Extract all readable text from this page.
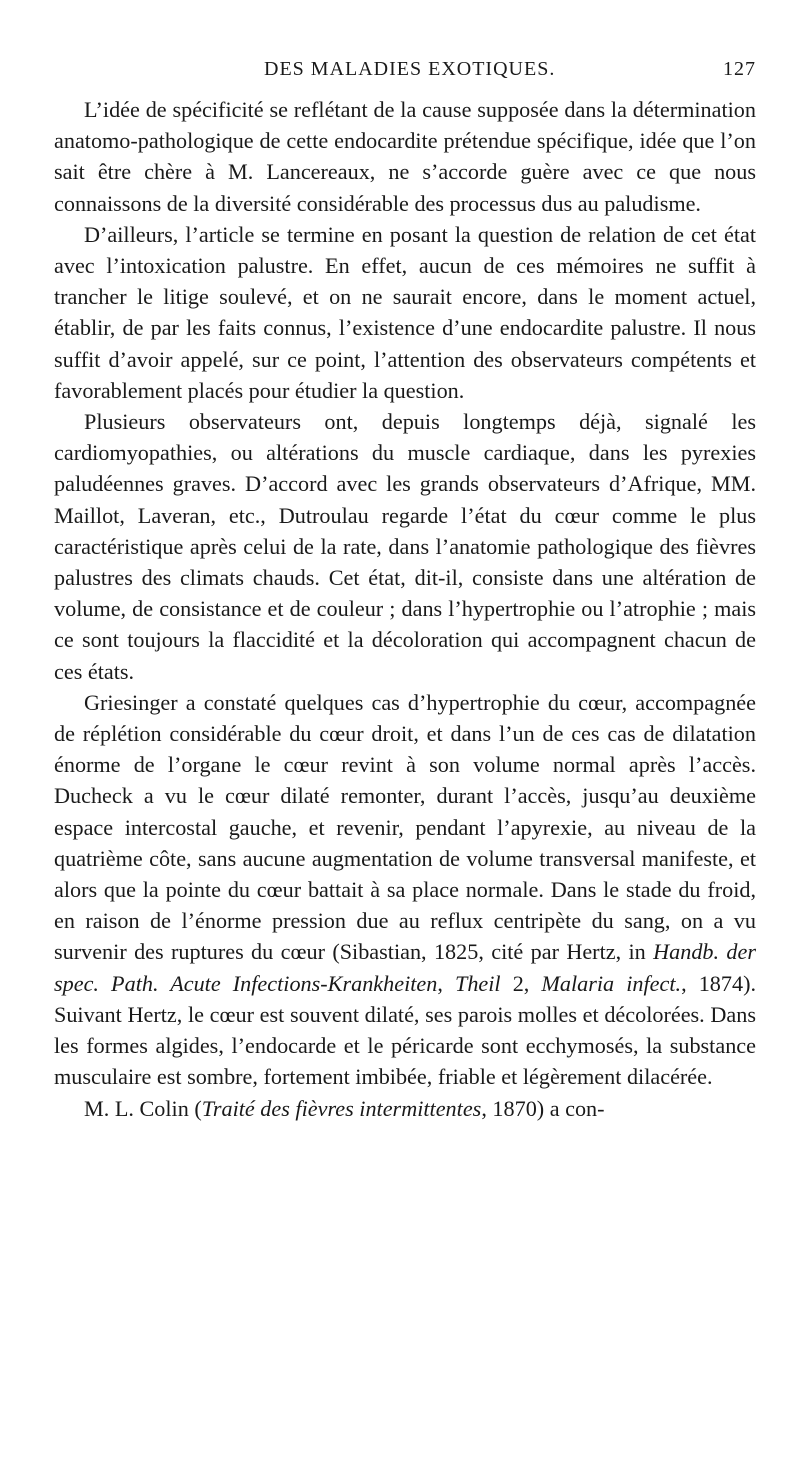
DES MALADIES EXOTIQUES.	127

L’idée de spécificité se reflétant de la cause supposée dans la détermination anatomo-pathologique de cette endocardite prétendue spécifique, idée que l’on sait être chère à M. Lancereaux, ne s’accorde guère avec ce que nous connaissons de la diversité considérable des processus dus au paludisme.

D’ailleurs, l’article se termine en posant la question de relation de cet état avec l’intoxication palustre. En effet, aucun de ces mémoires ne suffit à trancher le litige soulevé, et on ne saurait encore, dans le moment actuel, établir, de par les faits connus, l’existence d’une endocardite palustre. Il nous suffit d’avoir appelé, sur ce point, l’attention des observateurs compétents et favorablement placés pour étudier la question.

Plusieurs observateurs ont, depuis longtemps déjà, signalé les cardiomyopathies, ou altérations du muscle cardiaque, dans les pyrexies paludéennes graves. D’accord avec les grands observateurs d’Afrique, MM. Maillot, Laveran, etc., Dutroulau regarde l’état du cœur comme le plus caractéristique après celui de la rate, dans l’anatomie pathologique des fièvres palustres des climats chauds. Cet état, dit-il, consiste dans une altération de volume, de consistance et de couleur ; dans l’hypertrophie ou l’atrophie ; mais ce sont toujours la flaccidité et la décoloration qui accompagnent chacun de ces états.

Griesinger a constaté quelques cas d’hypertrophie du cœur, accompagnée de réplétion considérable du cœur droit, et dans l’un de ces cas de dilatation énorme de l’organe le cœur revint à son volume normal après l’accès. Ducheck a vu le cœur dilaté remonter, durant l’accès, jusqu’au deuxième espace intercostal gauche, et revenir, pendant l’apyrexie, au niveau de la quatrième côte, sans aucune augmentation de volume transversal manifeste, et alors que la pointe du cœur battait à sa place normale. Dans le stade du froid, en raison de l’énorme pression due au reflux centripète du sang, on a vu survenir des ruptures du cœur (Sibastian, 1825, cité par Hertz, in Handb. der spec. Path. Acute Infections-Krankheiten, Theil 2, Malaria infect., 1874). Suivant Hertz, le cœur est souvent dilaté, ses parois molles et décolorées. Dans les formes algides, l’endocarde et le péricarde sont ecchymosés, la substance musculaire est sombre, fortement imbibée, friable et légèrement dilacérée.

M. L. Colin (Traité des fièvres intermittentes, 1870) a con-
